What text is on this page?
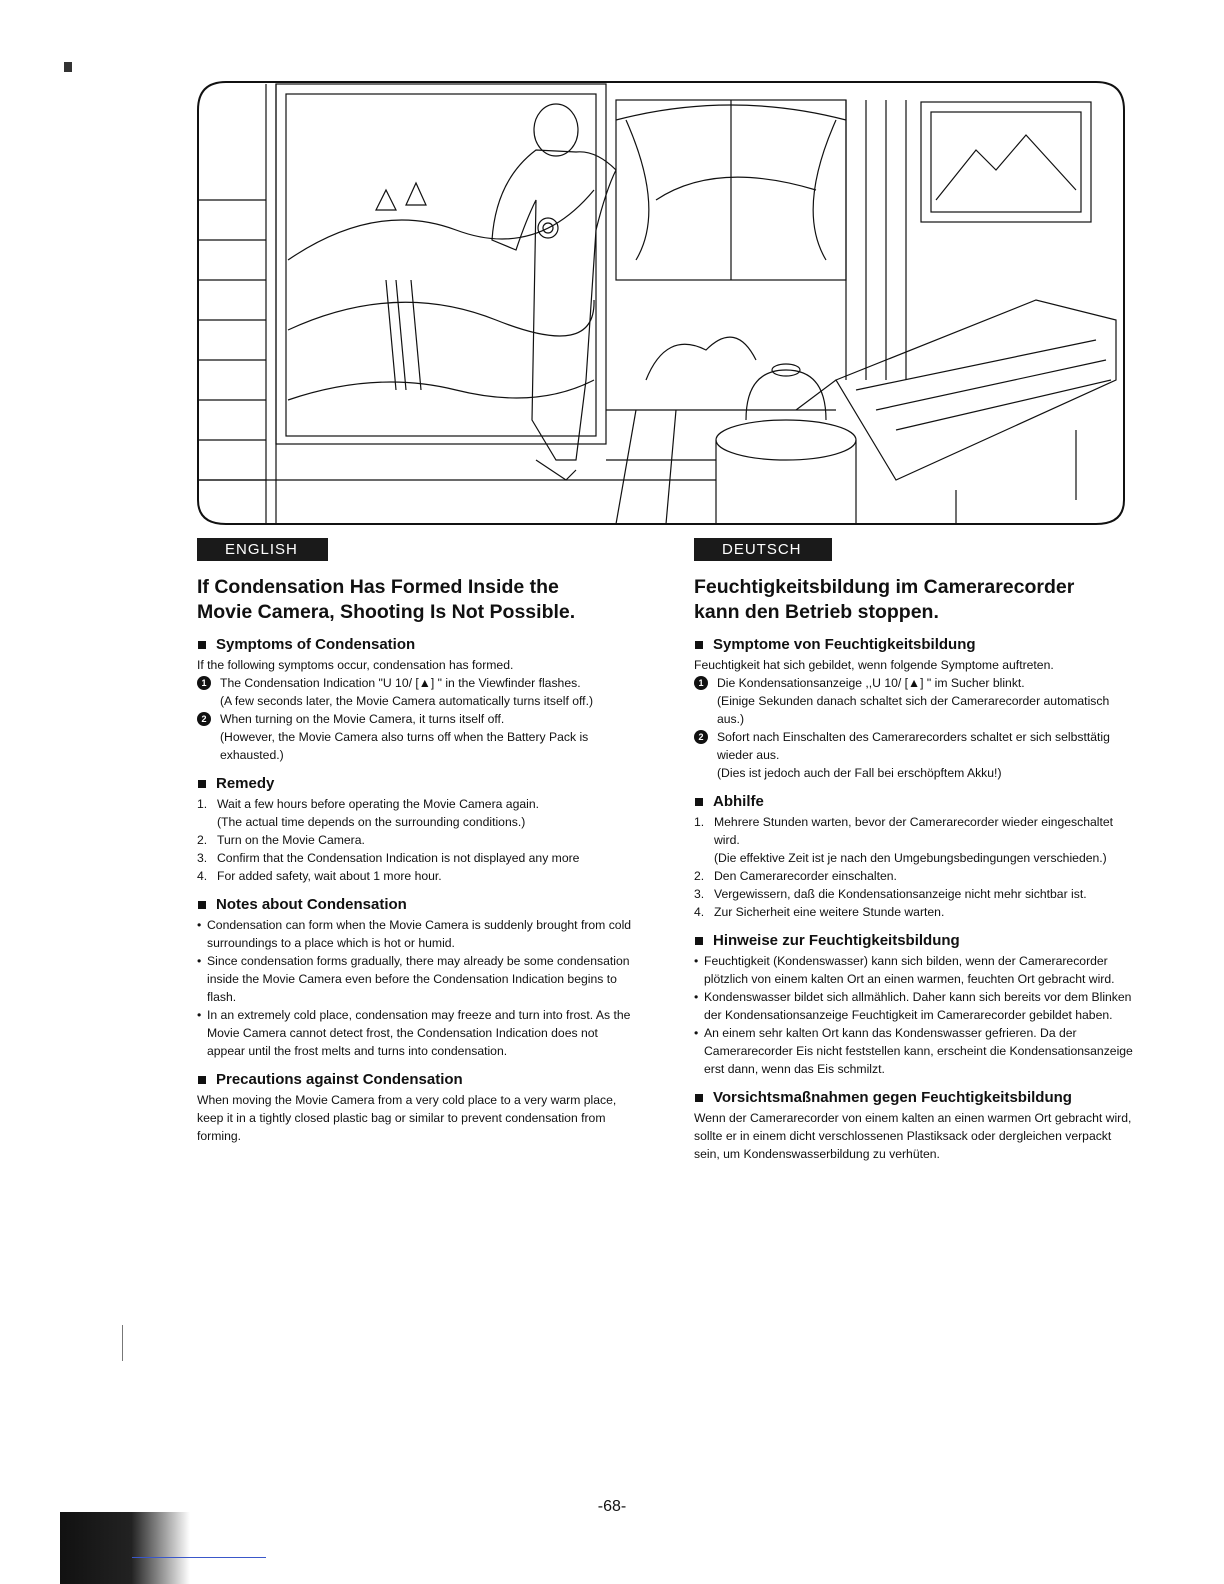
ENGLISH
If Condensation Has Formed Inside the
Movie Camera, Shooting Is Not Possible.
Symptoms of Condensation

If the following symptoms occur, condensation has formed.

1	The Condensation Indication "U 10/ [▲] " in the Viewfinder flashes.
(A few seconds later, the Movie Camera automatically turns itself off.)
2	When turning on the Movie Camera, it turns itself off.
(However, the Movie Camera also turns off when the Battery Pack is exhausted.)
Remedy
1. Wait a few hours before operating the Movie Camera again.
(The actual time depends on the surrounding conditions.)
2. Turn on the Movie Camera.
3. Confirm that the Condensation Indication is not displayed any more
4. For added safety, wait about 1 more hour.
Notes about Condensation
• Condensation can form when the Movie Camera is suddenly brought from cold surroundings to a place which is hot or humid.
• Since condensation forms gradually, there may already be some condensation inside the Movie Camera even before the Condensation Indication begins to flash.
• In an extremely cold place, condensation may freeze and turn into frost. As the Movie Camera cannot detect frost, the Condensation Indication does not appear until the frost melts and turns into condensation.
Precautions against Condensation

When moving the Movie Camera from a very cold place to a very warm place, keep it in a tightly closed plastic bag or similar to prevent condensation from forming.

DEUTSCH
Feuchtigkeitsbildung im Camerarecorder
kann den Betrieb stoppen.
Symptome von Feuchtigkeitsbildung

Feuchtigkeit hat sich gebildet, wenn folgende Symptome auftreten.

1	Die Kondensationsanzeige ,,U 10/ [▲] " im Sucher blinkt.
(Einige Sekunden danach schaltet sich der Camerarecorder automatisch aus.)
2	Sofort nach Einschalten des Camerarecorders schaltet er sich selbsttätig wieder aus.
(Dies ist jedoch auch der Fall bei erschöpftem Akku!)
Abhilfe
1. Mehrere Stunden warten, bevor der Camerarecorder wieder eingeschaltet wird.
(Die effektive Zeit ist je nach den Umgebungsbedingungen verschieden.)
2. Den Camerarecorder einschalten.
3. Vergewissern, daß die Kondensationsanzeige nicht mehr sichtbar ist.
4. Zur Sicherheit eine weitere Stunde warten.
Hinweise zur Feuchtigkeitsbildung
• Feuchtigkeit (Kondenswasser) kann sich bilden, wenn der Camerarecorder plötzlich von einem kalten Ort an einen warmen, feuchten Ort gebracht wird.
• Kondenswasser bildet sich allmählich. Daher kann sich bereits vor dem Blinken der Kondensationsanzeige Feuchtigkeit im Camerarecorder gebildet haben.
• An einem sehr kalten Ort kann das Kondenswasser gefrieren. Da der Camerarecorder Eis nicht feststellen kann, erscheint die Kondensationsanzeige erst dann, wenn das Eis schmilzt.
Vorsichtsmaßnahmen gegen Feuchtigkeitsbildung

Wenn der Camerarecorder von einem kalten an einen warmen Ort gebracht wird, sollte er in einem dicht verschlossenen Plastiksack oder dergleichen verpackt sein, um Kondenswasserbildung zu verhüten.

-68-
